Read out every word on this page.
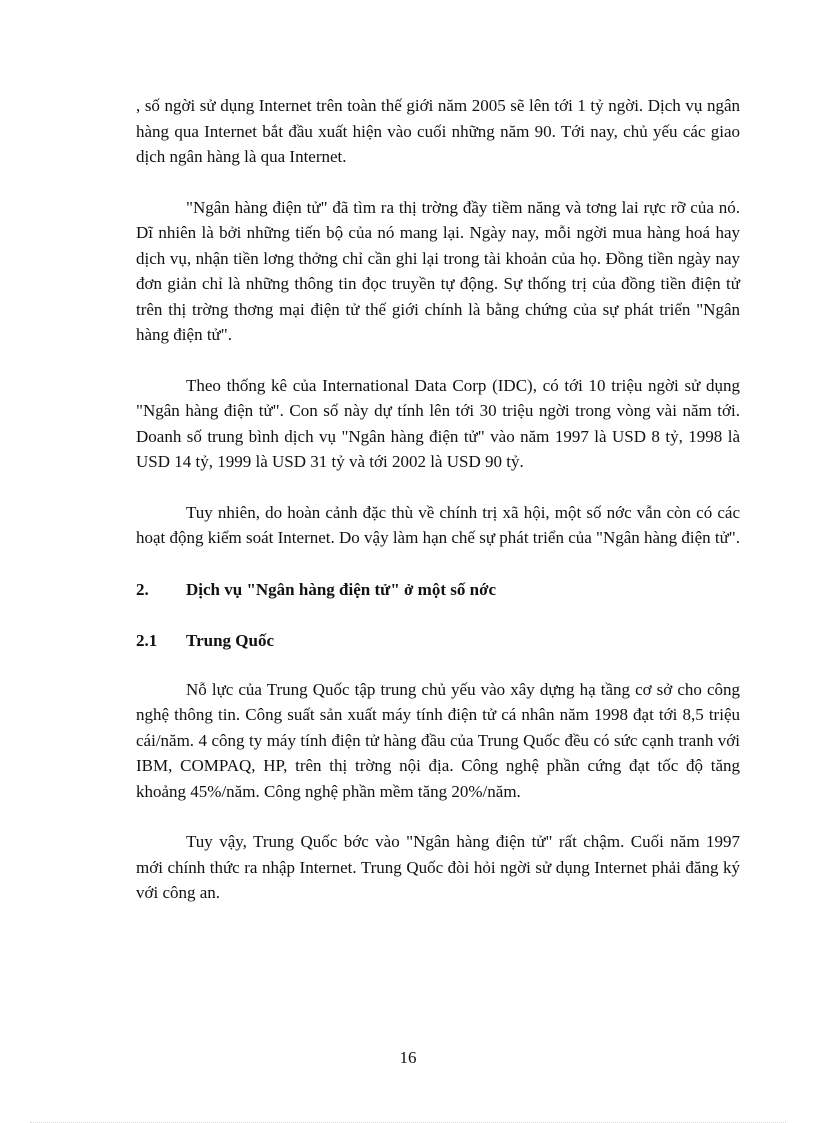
, số ngời sử dụng Internet trên toàn thế giới năm 2005 sẽ lên tới 1 tỷ ngời. Dịch vụ ngân hàng qua Internet bắt đầu xuất hiện vào cuối những năm 90. Tới nay, chủ yếu các giao dịch ngân hàng là qua Internet.

"Ngân hàng điện tử" đã tìm ra thị trờng đầy tiềm năng và tơng lai rực rỡ của nó. Dĩ nhiên là bởi những tiến bộ của nó mang lại. Ngày nay, mỗi ngời mua hàng hoá hay dịch vụ, nhận tiền lơng thởng chỉ cần ghi lại trong tài khoản của họ. Đồng tiền ngày nay đơn giản chỉ là những thông tin đọc truyền tự động. Sự thống trị của đồng tiền điện tử trên thị trờng thơng mại điện tử thế giới chính là bằng chứng của sự phát triển "Ngân hàng điện tử".

Theo thống kê của International Data Corp (IDC), có tới 10 triệu ngời sử dụng "Ngân hàng điện tử". Con số này dự tính lên tới 30 triệu ngời trong vòng vài năm tới. Doanh số trung bình dịch vụ "Ngân hàng điện tử" vào năm 1997 là USD 8 tỷ, 1998 là USD 14 tỷ, 1999 là USD 31 tỷ và tới 2002 là USD 90 tỷ.

Tuy nhiên, do hoàn cảnh đặc thù về chính trị xã hội, một số nớc vẫn còn có các hoạt động kiểm soát Internet. Do vậy làm hạn chế sự phát triển của "Ngân hàng điện tử".

2.	Dịch vụ "Ngân hàng điện tử" ở một số nớc
2.1	Trung Quốc

Nỗ lực của Trung Quốc tập trung chủ yếu vào xây dựng hạ tầng cơ sở cho công nghệ thông tin. Công suất sản xuất máy tính điện tử cá nhân năm 1998 đạt tới 8,5 triệu cái/năm. 4 công ty máy tính điện tử hàng đầu của Trung Quốc đều có sức cạnh tranh với IBM, COMPAQ, HP, trên thị trờng nội địa. Công nghệ phần cứng đạt tốc độ tăng khoảng 45%/năm. Công nghệ phần mềm tăng 20%/năm.

Tuy vậy, Trung Quốc bớc vào "Ngân hàng điện tử" rất chậm. Cuối năm 1997 mới chính thức ra nhập Internet. Trung Quốc đòi hỏi ngời sử dụng Internet phải đăng ký với công an.

16
